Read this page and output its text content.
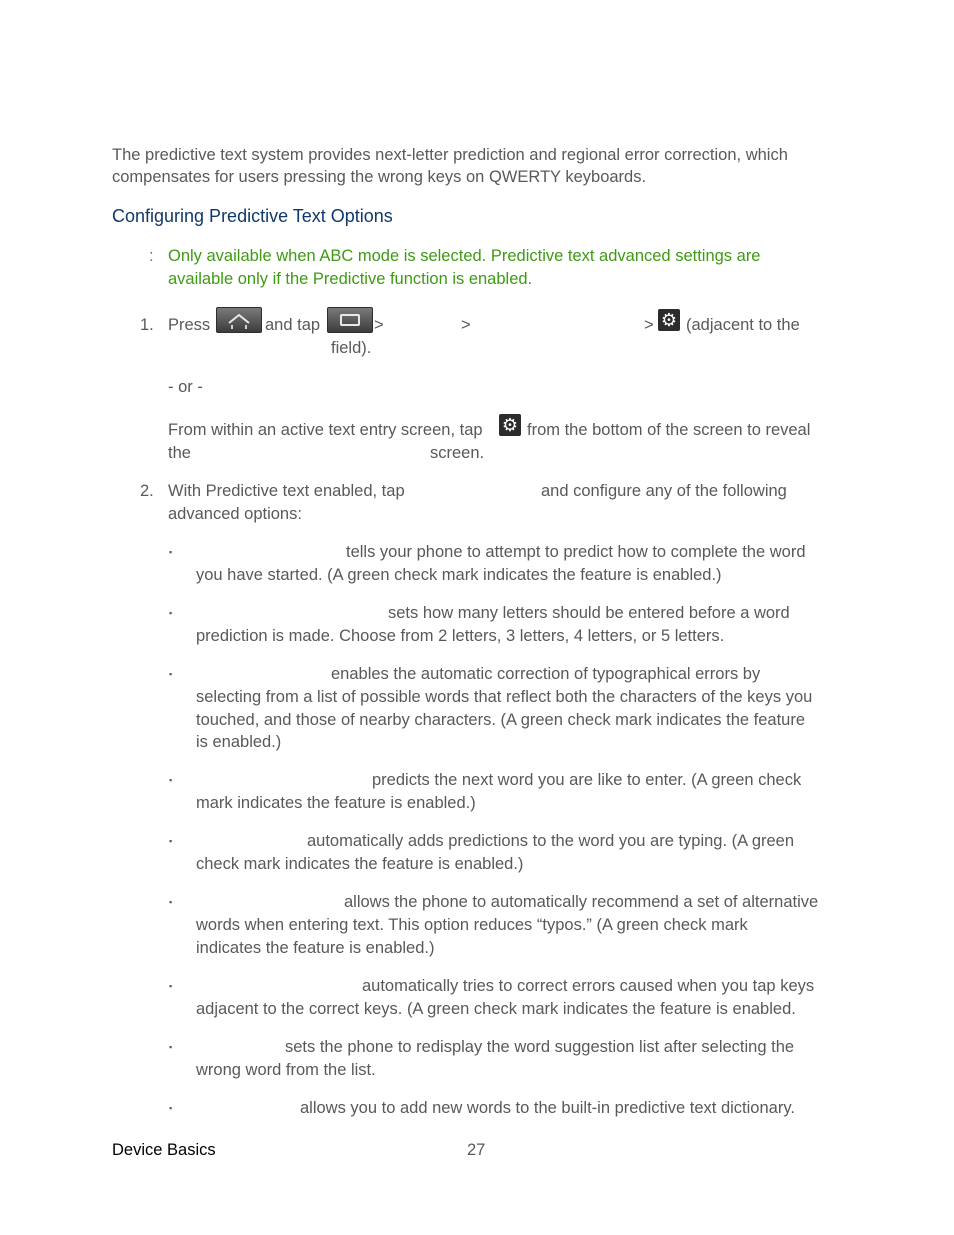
The predictive text system provides next-letter prediction and regional error correction, which
compensates for users pressing the wrong keys on QWERTY keyboards.
Configuring Predictive Text Options
: Only available when ABC mode is selected. Predictive text advanced settings are
available only if the Predictive function is enabled.
1. Press	and tap	>	>	> ⚙ (adjacent to the
field).
- or -
From within an active text entry screen, tap ⚙ from the bottom of the screen to reveal
the	screen.
2. With Predictive text enabled, tap	and configure any of the following
advanced options:
▪	tells your phone to attempt to predict how to complete the word
you have started. (A green check mark indicates the feature is enabled.)
▪	sets how many letters should be entered before a word
prediction is made. Choose from 2 letters, 3 letters, 4 letters, or 5 letters.
▪	enables the automatic correction of typographical errors by
selecting from a list of possible words that reflect both the characters of the keys you
touched, and those of nearby characters. (A green check mark indicates the feature
is enabled.)
▪	predicts the next word you are like to enter. (A green check
mark indicates the feature is enabled.)
▪	automatically adds predictions to the word you are typing. (A green
check mark indicates the feature is enabled.)
▪	allows the phone to automatically recommend a set of alternative
words when entering text. This option reduces “typos.” (A green check mark
indicates the feature is enabled.)
▪	automatically tries to correct errors caused when you tap keys
adjacent to the correct keys. (A green check mark indicates the feature is enabled.
▪	sets the phone to redisplay the word suggestion list after selecting the
wrong word from the list.
▪	allows you to add new words to the built-in predictive text dictionary.
Device Basics	27
